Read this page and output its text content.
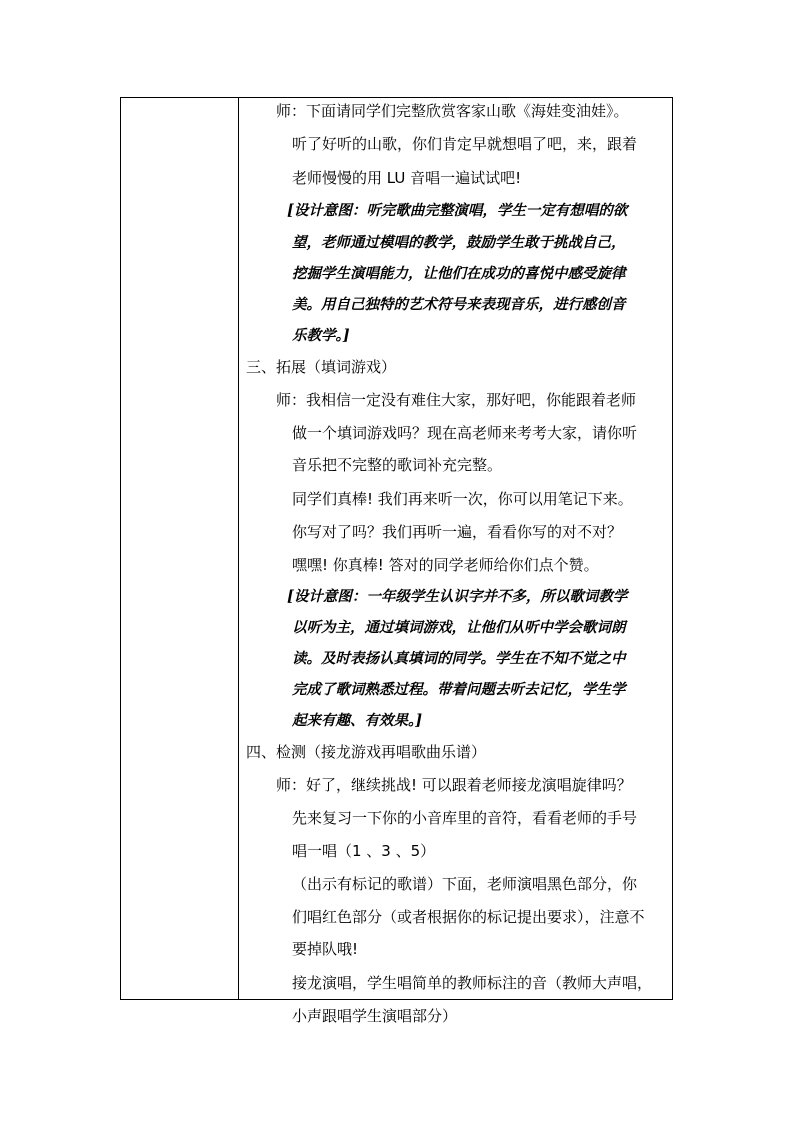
师：下面请同学们完整欣赏客家山歌《海娃变油娃》。
听了好听的山歌，你们肯定早就想唱了吧，来，跟着
老师慢慢的用 LU 音唱一遍试试吧!
[设计意图：听完歌曲完整演唱，学生一定有想唱的欲
望，老师通过模唱的教学，鼓励学生敢于挑战自己，
挖掘学生演唱能力，让他们在成功的喜悦中感受旋律
美。用自己独特的艺术符号来表现音乐，进行感创音
乐教学。]
三、拓展（填词游戏）
师：我相信一定没有难住大家，那好吧，你能跟着老师
做一个填词游戏吗？现在高老师来考考大家，请你听
音乐把不完整的歌词补充完整。
同学们真棒! 我们再来听一次，你可以用笔记下来。
你写对了吗？我们再听一遍，看看你写的对不对？
嘿嘿! 你真棒! 答对的同学老师给你们点个赞。
[设计意图：一年级学生认识字并不多，所以歌词教学
以听为主，通过填词游戏，让他们从听中学会歌词朗
读。及时表扬认真填词的同学。学生在不知不觉之中
完成了歌词熟悉过程。带着问题去听去记忆，学生学
起来有趣、有效果。]
四、检测（接龙游戏再唱歌曲乐谱）
师：好了，继续挑战! 可以跟着老师接龙演唱旋律吗？
先来复习一下你的小音库里的音符，看看老师的手号
唱一唱（1 、3 、5）
（出示有标记的歌谱）下面，老师演唱黑色部分，你
们唱红色部分（或者根据你的标记提出要求），注意不
要掉队哦!
接龙演唱，学生唱简单的教师标注的音（教师大声唱，
小声跟唱学生演唱部分）
